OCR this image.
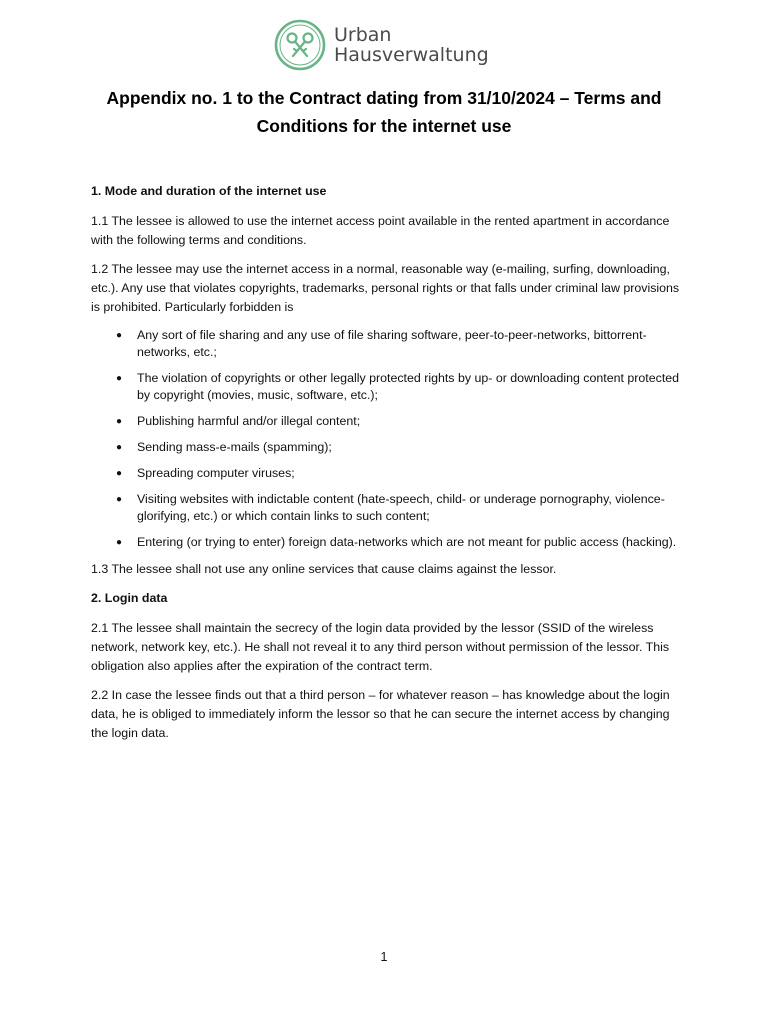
Urban
Hausverwaltung
Appendix no. 1 to the Contract dating from 31/10/2024 – Terms and Conditions for the internet use

1. Mode and duration of the internet use

1.1 The lessee is allowed to use the internet access point available in the rented apartment in accordance with the following terms and conditions.

1.2 The lessee may use the internet access in a normal, reasonable way (e-mailing, surfing, downloading, etc.). Any use that violates copyrights, trademarks, personal rights or that falls under criminal law provisions is prohibited. Particularly forbidden is

● Any sort of file sharing and any use of file sharing software, peer-to-peer-networks, bittorrent-networks, etc.;
● The violation of copyrights or other legally protected rights by up- or downloading content protected by copyright (movies, music, software, etc.);
● Publishing harmful and/or illegal content;
● Sending mass-e-mails (spamming);
● Spreading computer viruses;
● Visiting websites with indictable content (hate-speech, child- or underage pornography, violence-glorifying, etc.) or which contain links to such content;
● Entering (or trying to enter) foreign data-networks which are not meant for public access (hacking).

1.3 The lessee shall not use any online services that cause claims against the lessor.

2. Login data

2.1 The lessee shall maintain the secrecy of the login data provided by the lessor (SSID of the wireless network, network key, etc.). He shall not reveal it to any third person without permission of the lessor. This obligation also applies after the expiration of the contract term.

2.2 In case the lessee finds out that a third person – for whatever reason – has knowledge about the login data, he is obliged to immediately inform the lessor so that he can secure the internet access by changing the login data.

1
